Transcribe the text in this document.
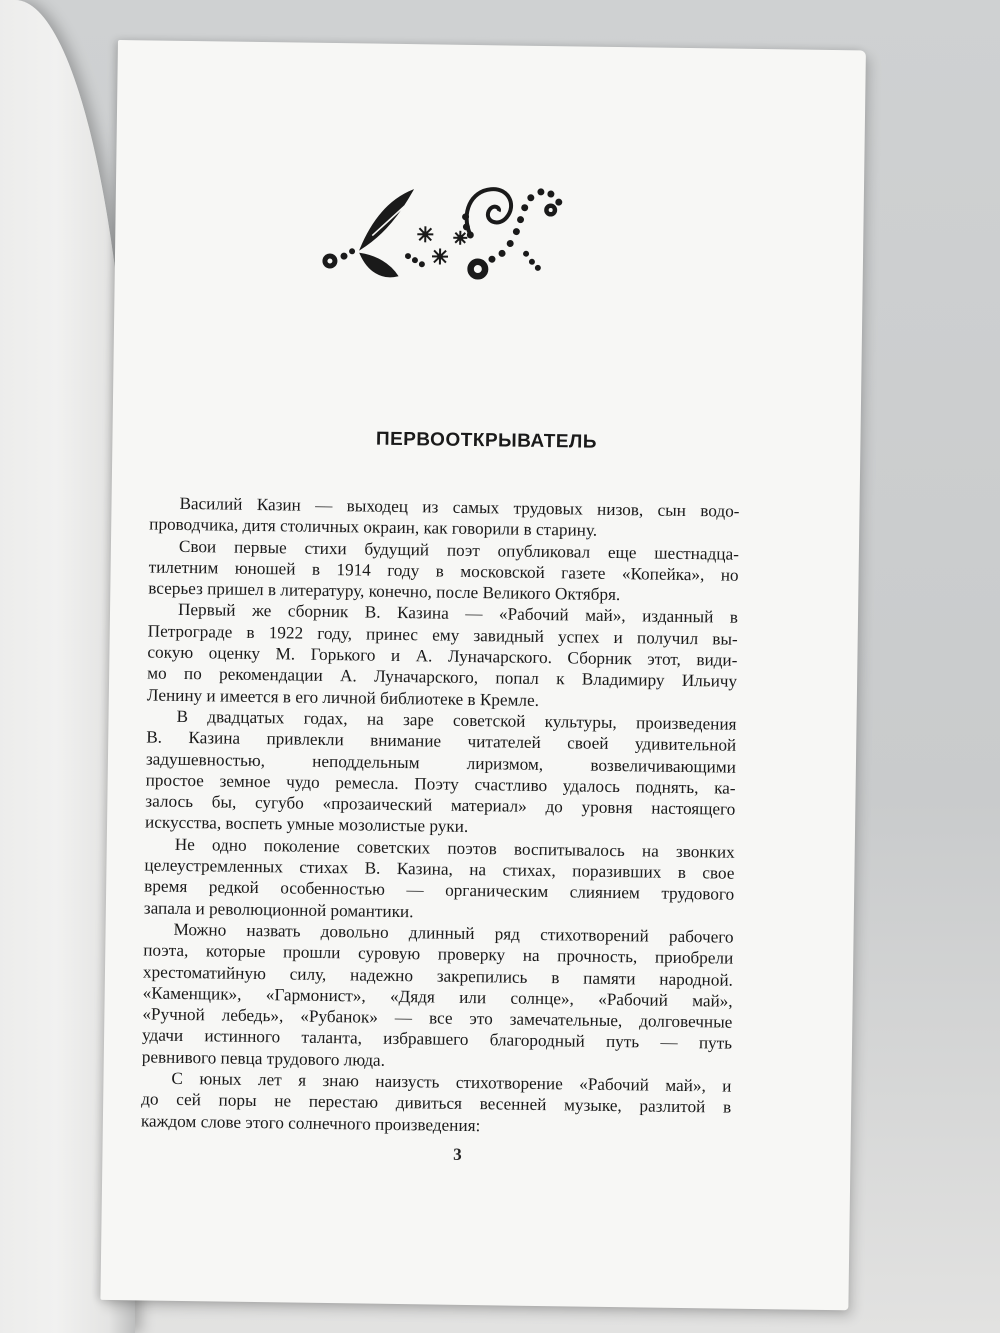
ПЕРВООТКРЫВАТЕЛЬ
Василий Казин — выходец из самых трудовых низов, сын водо-
проводчика, дитя столичных окраин, как говорили в старину.
Свои первые стихи будущий поэт опубликовал еще шестнадца-
тилетним юношей в 1914 году в московской газете «Копейка», но
всерьез пришел в литературу, конечно, после Великого Октября.
Первый же сборник В. Казина — «Рабочий май», изданный в
Петрограде в 1922 году, принес ему завидный успех и получил вы-
сокую оценку М. Горького и А. Луначарского. Сборник этот, види-
мо по рекомендации А. Луначарского, попал к Владимиру Ильичу
Ленину и имеется в его личной библиотеке в Кремле.
В двадцатых годах, на заре советской культуры, произведения
В. Казина привлекли внимание читателей своей удивительной
задушевностью, неподдельным лиризмом, возвеличивающими
простое земное чудо ремесла. Поэту счастливо удалось поднять, ка-
залось бы, сугубо «прозаический материал» до уровня настоящего
искусства, воспеть умные мозолистые руки.
Не одно поколение советских поэтов воспитывалось на звонких
целеустремленных стихах В. Казина, на стихах, поразивших в свое
время редкой особенностью — органическим слиянием трудового
запала и революционной романтики.
Можно назвать довольно длинный ряд стихотворений рабочего
поэта, которые прошли суровую проверку на прочность, приобрели
хрестоматийную силу, надежно закрепились в памяти народной.
«Каменщик», «Гармонист», «Дядя или солнце», «Рабочий май»,
«Ручной лебедь», «Рубанок» — все это замечательные, долговечные
удачи истинного таланта, избравшего благородный путь — путь
ревнивого певца трудового люда.
С юных лет я знаю наизусть стихотворение «Рабочий май», и
до сей поры не перестаю дивиться весенней музыке, разлитой в
каждом слове этого солнечного произведения:
3
